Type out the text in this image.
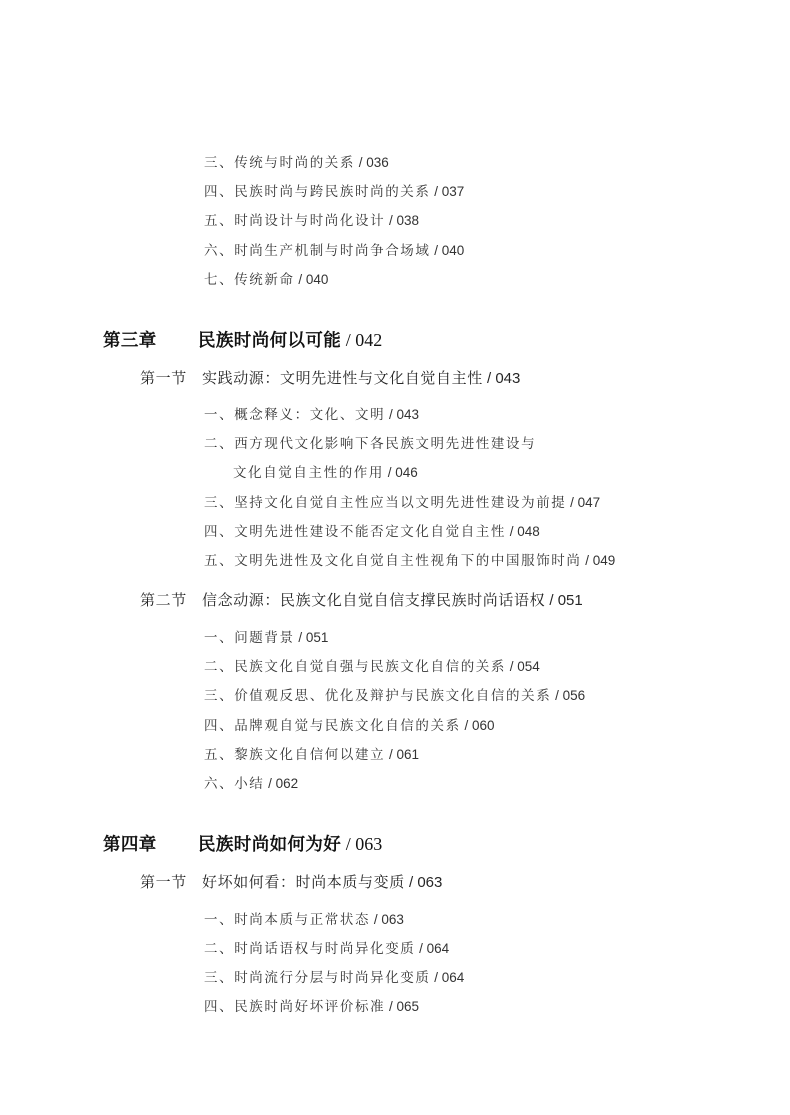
三、传统与时尚的关系 / 036
四、民族时尚与跨民族时尚的关系 / 037
五、时尚设计与时尚化设计 / 038
六、时尚生产机制与时尚争合场域 / 040
七、传统新命 / 040
第三章 民族时尚何以可能 / 042
第一节 实践动源：文明先进性与文化自觉自主性 / 043
一、概念释义：文化、文明 / 043
二、西方现代文化影响下各民族文明先进性建设与
文化自觉自主性的作用 / 046
三、坚持文化自觉自主性应当以文明先进性建设为前提 / 047
四、文明先进性建设不能否定文化自觉自主性 / 048
五、文明先进性及文化自觉自主性视角下的中国服饰时尚 / 049
第二节 信念动源：民族文化自觉自信支撑民族时尚话语权 / 051
一、问题背景 / 051
二、民族文化自觉自强与民族文化自信的关系 / 054
三、价值观反思、优化及辩护与民族文化自信的关系 / 056
四、品牌观自觉与民族文化自信的关系 / 060
五、黎族文化自信何以建立 / 061
六、小结 / 062
第四章 民族时尚如何为好 / 063
第一节 好坏如何看：时尚本质与变质 / 063
一、时尚本质与正常状态 / 063
二、时尚话语权与时尚异化变质 / 064
三、时尚流行分层与时尚异化变质 / 064
四、民族时尚好坏评价标准 / 065
